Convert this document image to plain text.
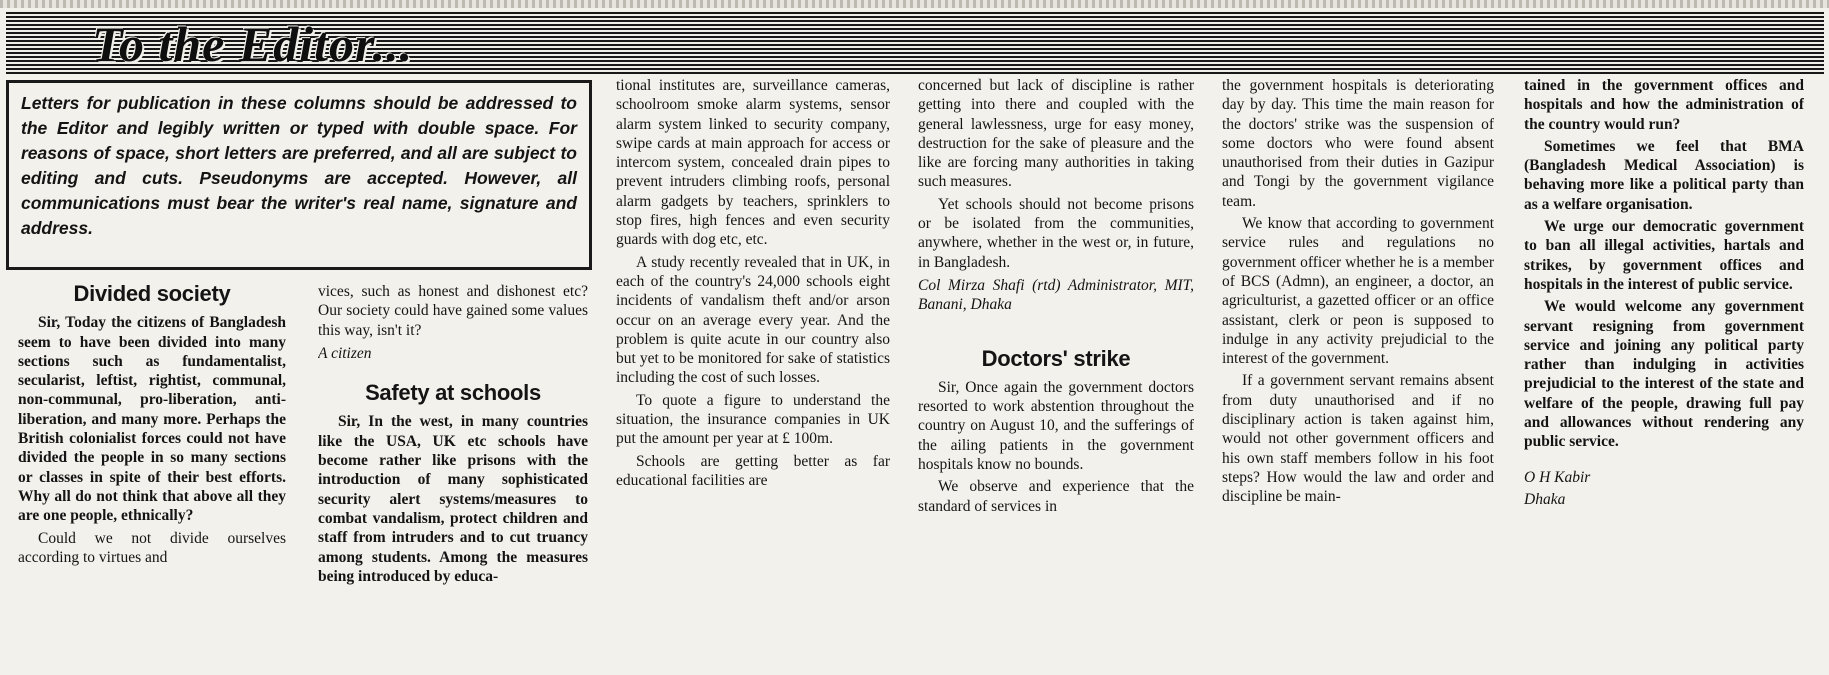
To the Editor...

Letters for publication in these columns should be addressed to the Editor and legibly written or typed with double space. For reasons of space, short letters are preferred, and all are subject to editing and cuts. Pseudonyms are accepted. However, all communications must bear the writer's real name, signature and address.

Divided society

Sir, Today the citizens of Bangladesh seem to have been divided into many sections such as fundamentalist, secularist, leftist, rightist, communal, non-communal, pro-liberation, anti-liberation, and many more. Perhaps the British colonialist forces could not have divided the people in so many sections or classes in spite of their best efforts. Why all do not think that above all they are one people, ethnically?

Could we not divide ourselves according to virtues and

vices, such as honest and dishonest etc? Our society could have gained some values this way, isn't it?

A citizen

Safety at schools

Sir, In the west, in many countries like the USA, UK etc schools have become rather like prisons with the introduction of many sophisticated security alert systems/measures to combat vandalism, protect children and staff from intruders and to cut truancy among students. Among the measures being introduced by educa-

tional institutes are, surveillance cameras, schoolroom smoke alarm systems, sensor alarm system linked to security company, swipe cards at main approach for access or intercom system, concealed drain pipes to prevent intruders climbing roofs, personal alarm gadgets by teachers, sprinklers to stop fires, high fences and even security guards with dog etc, etc.

A study recently revealed that in UK, in each of the country's 24,000 schools eight incidents of vandalism theft and/or arson occur on an average every year. And the problem is quite acute in our country also but yet to be monitored for sake of statistics including the cost of such losses.

To quote a figure to understand the situation, the insurance companies in UK put the amount per year at £ 100m.

Schools are getting better as far educational facilities are

concerned but lack of discipline is rather getting into there and coupled with the general lawlessness, urge for easy money, destruction for the sake of pleasure and the like are forcing many authorities in taking such measures.

Yet schools should not become prisons or be isolated from the communities, anywhere, whether in the west or, in future, in Bangladesh.

Col Mirza Shafi (rtd) Administrator, MIT, Banani, Dhaka

Doctors' strike

Sir, Once again the government doctors resorted to work abstention throughout the country on August 10, and the sufferings of the ailing patients in the government hospitals know no bounds.

We observe and experience that the standard of services in

the government hospitals is deteriorating day by day. This time the main reason for the doctors' strike was the suspension of some doctors who were found absent unauthorised from their duties in Gazipur and Tongi by the government vigilance team.

We know that according to government service rules and regulations no government officer whether he is a member of BCS (Admn), an engineer, a doctor, an agriculturist, a gazetted officer or an office assistant, clerk or peon is supposed to indulge in any activity prejudicial to the interest of the government.

If a government servant remains absent from duty unauthorised and if no disciplinary action is taken against him, would not other government officers and his own staff members follow in his foot steps? How would the law and order and discipline be main-

tained in the government offices and hospitals and how the administration of the country would run?

Sometimes we feel that BMA (Bangladesh Medical Association) is behaving more like a political party than as a welfare organisation.

We urge our democratic government to ban all illegal activities, hartals and strikes, by government offices and hospitals in the interest of public service.

We would welcome any government servant resigning from government service and joining any political party rather than indulging in activities prejudicial to the interest of the state and welfare of the people, drawing full pay and allowances without rendering any public service.

O H Kabir

Dhaka
